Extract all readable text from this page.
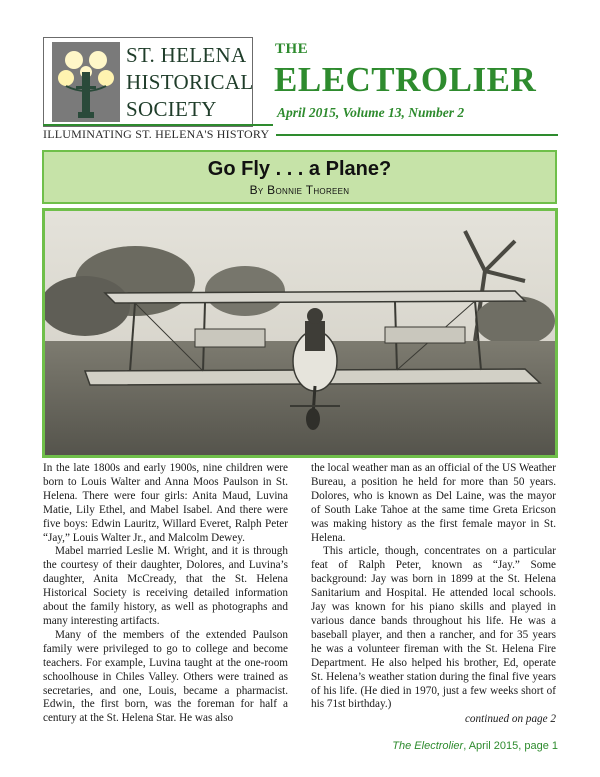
ST. HELENA
HISTORICAL
SOCIETY
ILLUMINATING ST. HELENA'S HISTORY
THE
ELECTROLIER
April 2015, Volume 13, Number 2
Go Fly . . . a Plane?
By Bonnie Thoreen

In the late 1800s and early 1900s, nine children were born to Louis Walter and Anna Moos Paulson in St. Helena. There were four girls: Anita Maud, Luvina Matie, Lily Ethel, and Mabel Isabel. And there were five boys: Edwin Lauritz, Willard Everet, Ralph Peter “Jay,” Louis Walter Jr., and Malcolm Dewey.

Mabel married Leslie M. Wright, and it is through the courtesy of their daughter, Dolores, and Luvina’s daughter, Anita McCready, that the St. Helena Historical Society is receiving detailed information about the family history, as well as photographs and many interesting artifacts.

Many of the members of the extended Paulson family were privileged to go to college and become teachers. For example, Luvina taught at the one-room schoolhouse in Chiles Valley. Others were trained as secretaries, and one, Louis, became a pharmacist. Edwin, the first born, was the foreman for half a century at the St. Helena Star. He was also

the local weather man as an official of the US Weather Bureau, a position he held for more than 50 years. Dolores, who is known as Del Laine, was the mayor of South Lake Tahoe at the same time Greta Ericson was making history as the first female mayor in St. Helena.

This article, though, concentrates on a particular feat of Ralph Peter, known as “Jay.” Some background: Jay was born in 1899 at the St. Helena Sanitarium and Hospital. He attended local schools. Jay was known for his piano skills and played in various dance bands throughout his life. He was a baseball player, and then a rancher, and for 35 years he was a volunteer fireman with the St. Helena Fire Department. He also helped his brother, Ed, operate St. Helena’s weather station during the final five years of his life. (He died in 1970, just a few weeks short of his 71st birthday.)

continued on page 2
The Electrolier, April 2015, page 1
